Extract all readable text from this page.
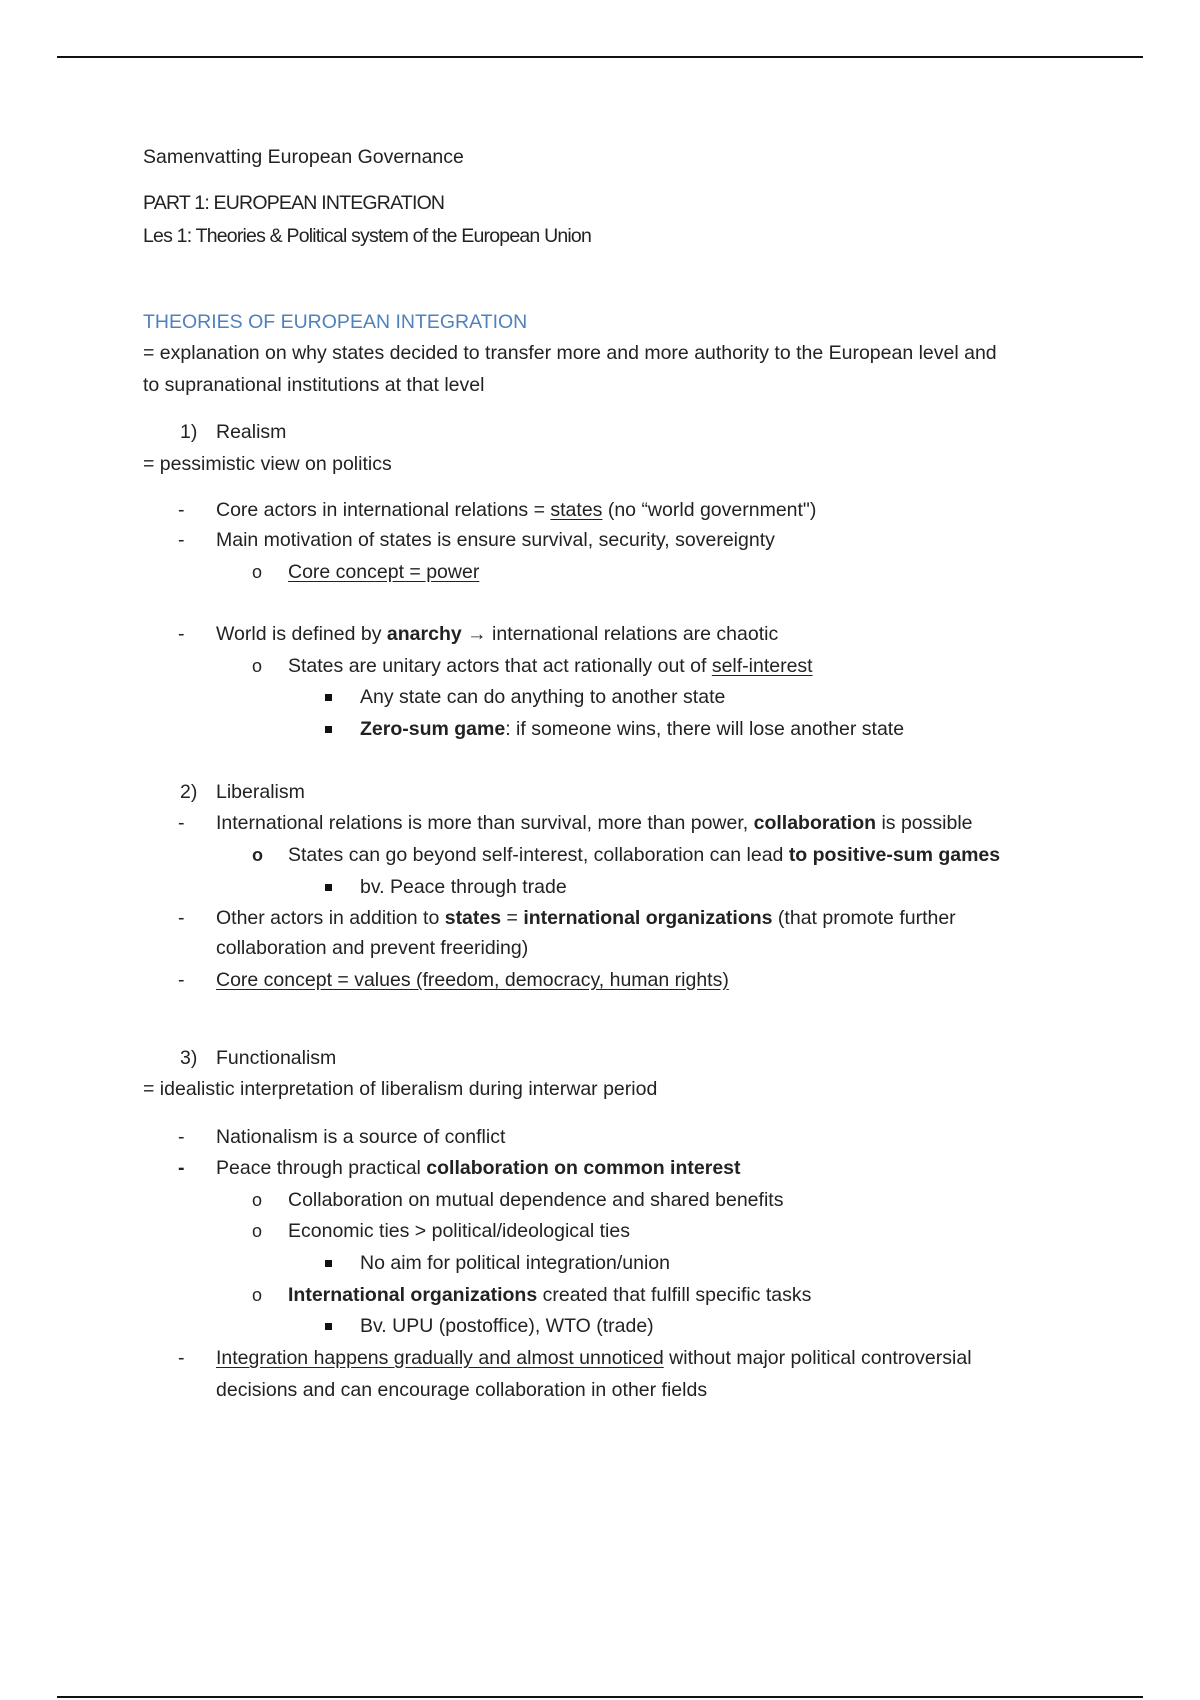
Samenvatting European Governance
PART 1: EUROPEAN INTEGRATION
Les 1: Theories & Political system of the European Union
THEORIES OF EUROPEAN INTEGRATION
= explanation on why states decided to transfer more and more authority to the European level and
to supranational institutions at that level
1) Realism
= pessimistic view on politics
- Core actors in international relations = states (no “world government")
- Main motivation of states is ensure survival, security, sovereignty
o Core concept = power
- World is defined by anarchy → international relations are chaotic
o States are unitary actors that act rationally out of self-interest
Any state can do anything to another state
Zero-sum game: if someone wins, there will lose another state
2) Liberalism
- International relations is more than survival, more than power, collaboration is possible
o States can go beyond self-interest, collaboration can lead to positive-sum games
bv. Peace through trade
- Other actors in addition to states = international organizations (that promote further
collaboration and prevent freeriding)
- Core concept = values (freedom, democracy, human rights)
3) Functionalism
= idealistic interpretation of liberalism during interwar period
- Nationalism is a source of conflict
- Peace through practical collaboration on common interest
o Collaboration on mutual dependence and shared benefits
o Economic ties > political/ideological ties
No aim for political integration/union
o International organizations created that fulfill specific tasks
Bv. UPU (postoffice), WTO (trade)
- Integration happens gradually and almost unnoticed without major political controversial
decisions and can encourage collaboration in other fields
